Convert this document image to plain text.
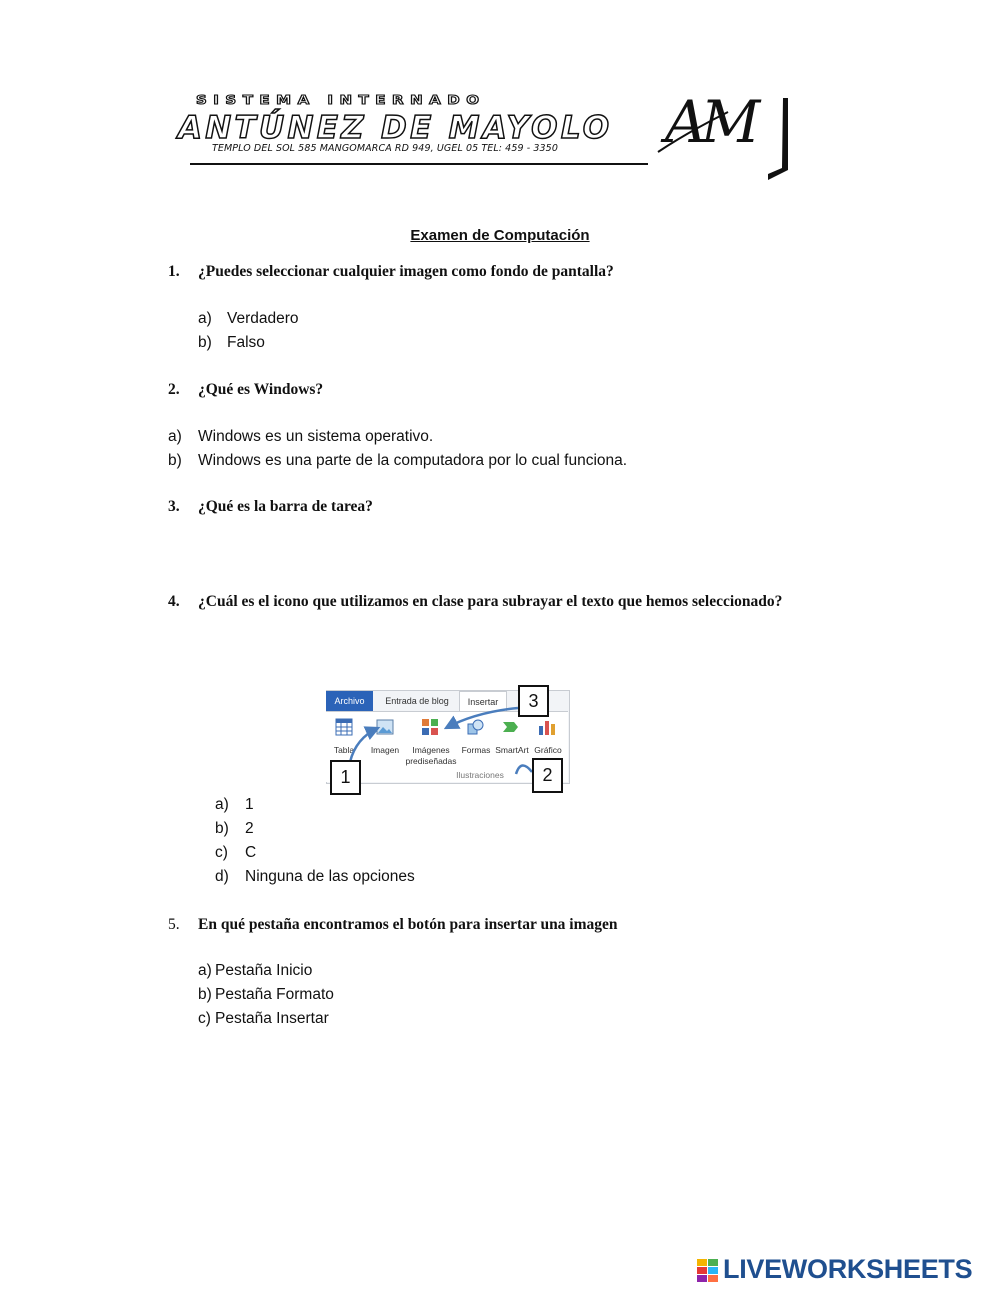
SISTEMA INTERNADO
ANTÚNEZ DE MAYOLO
TEMPLO DEL SOL 585 MANGOMARCA RD 949, UGEL 05 TEL: 459 - 3350 AM
Examen de Computación
1. ¿Puedes seleccionar cualquier imagen como fondo de pantalla?
a) Verdadero
b) Falso
2. ¿Qué es Windows?
a) Windows es un sistema operativo.
b) Windows es una parte de la computadora por lo cual funciona.
3. ¿Qué es la barra de tarea?
4. ¿Cuál es el icono que utilizamos en clase para subrayar el texto que hemos seleccionado?
Archivo	Entrada de blog	Insertar
Tabla	Imagen	Imágenes prediseñadas
Formas SmartArt Gráfico
Ilustraciones
3
1	2
a) 1
b) 2
c) C
d) Ninguna de las opciones
5. En qué pestaña encontramos el botón para insertar una imagen
a) Pestaña Inicio
b) Pestaña Formato
c) Pestaña Insertar
LIVEWORKSHEETS
